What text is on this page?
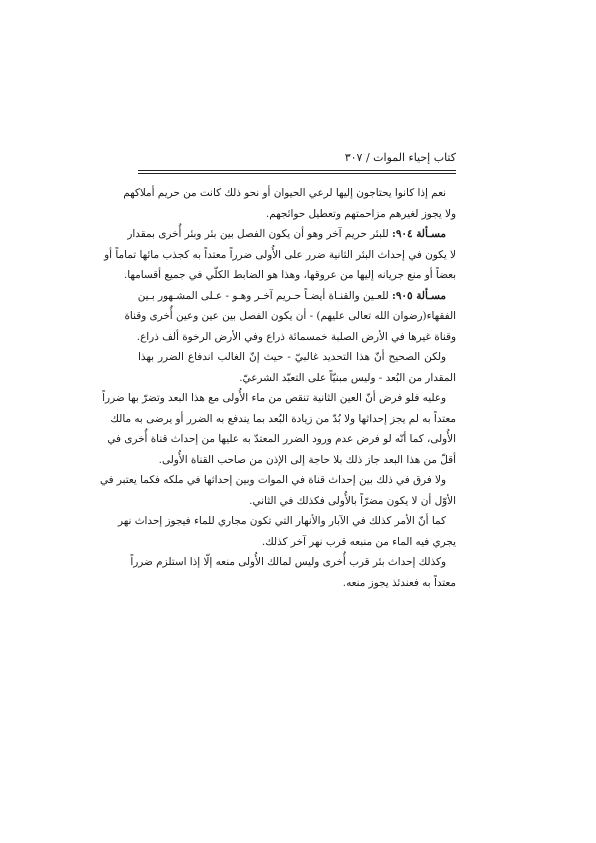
كتاب إحياء الموات / ٣٠٧
نعم إذا كانوا يحتاجون إليها لرعي الحيوان أو نحو ذلك كانت من حريم أملاكهم
ولا يجوز لغيرهم مزاحمتهم وتعطيل حوائجهم.
مسـألة ٩٠٤: للبئر حريم آخر وهو أن يكون الفصل بين بئر وبئر أُخرى بمقدار
لا يكون في إحداث البئر الثانية ضرر على الأُولى ضرراً معتداً به كجذب مائها تماماً أو
بعضاً أو منع جريانه إليها من عروقها، وهذا هو الضابط الكلّي في جميع أقسامها.
مسـألة ٩٠٥: للعـين والقنـاة أيضـاً حـريم آخـر وهـو - عـلى المشـهور بـين
الفقهاء(رضوان الله تعالى عليهم) - أن يكون الفصل بين عين وعين أُخرى وقناة
وقناة غيرها في الأرض الصلبة خمسمائة ذراع وفي الأرض الرخوة ألف ذراع.
ولكن الصحيح أنّ هذا التحديد غالبيّ - حيث إنّ الغالب اندفاع الضرر بهذا
المقدار من البُعد - وليس مبنيّاً على التعبّد الشرعيّ.
وعليه فلو فرض أنّ العين الثانية تنقص من ماء الأُولى مع هذا البعد وتضرّ بها ضرراً
معتداً به لم يجز إحداثها ولا بُدّ من زيادة البُعد بما يندفع به الضرر أو يرضى به مالك
الأُولى، كما أنّه لو فرض عدم ورود الضرر المعتدّ به عليها من إحداث قناة أُخرى في
أقلّ من هذا البعد جاز ذلك بلا حاجة إلى الإذن من صاحب القناة الأُولى.
ولا فرق في ذلك بين إحداث قناة في الموات وبين إحداثها في ملكه فكما يعتبر في
الأوّل أن لا يكون مضرّاً بالأُولى فكذلك في الثاني.
كما أنّ الأمر كذلك في الآبار والأنهار التي تكون مجاري للماء فيجوز إحداث نهر
يجري فيه الماء من منبعه قرب نهر آخر كذلك.
وكذلك إحداث بئر قرب أُخرى وليس لمالك الأُولى منعه إلّا إذا استلزم ضرراً
معتداً به فعندئذ يجوز منعه.
